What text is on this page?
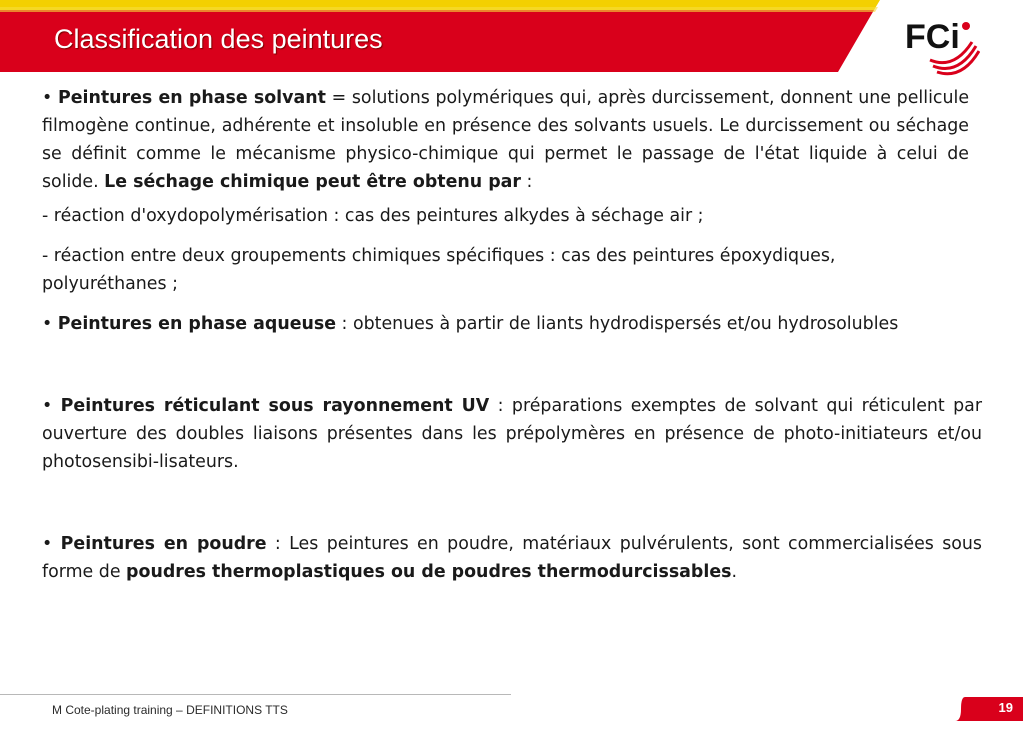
Classification des peintures	FCi

• Peintures en phase solvant = solutions polymériques qui, après durcissement, donnent une pellicule filmogène continue, adhérente et insoluble en présence des solvants usuels. Le durcissement ou séchage se définit comme le mécanisme physico-chimique qui permet le passage de l'état liquide à celui de solide. Le séchage chimique peut être obtenu par :

- réaction d'oxydopolymérisation : cas des peintures alkydes à séchage air ;

- réaction entre deux groupements chimiques spécifiques : cas des peintures époxydiques, polyuréthanes ;

• Peintures en phase aqueuse : obtenues à partir de liants hydrodispersés et/ou hydrosolubles

• Peintures réticulant sous rayonnement UV : préparations exemptes de solvant qui réticulent par ouverture des doubles liaisons présentes dans les prépolymères en présence de photo-initiateurs et/ou photosensibi-lisateurs.

• Peintures en poudre : Les peintures en poudre, matériaux pulvérulents, sont commercialisées sous forme de poudres thermoplastiques ou de poudres thermodurcissables.

M Cote-plating training – DEFINITIONS TTS	19
